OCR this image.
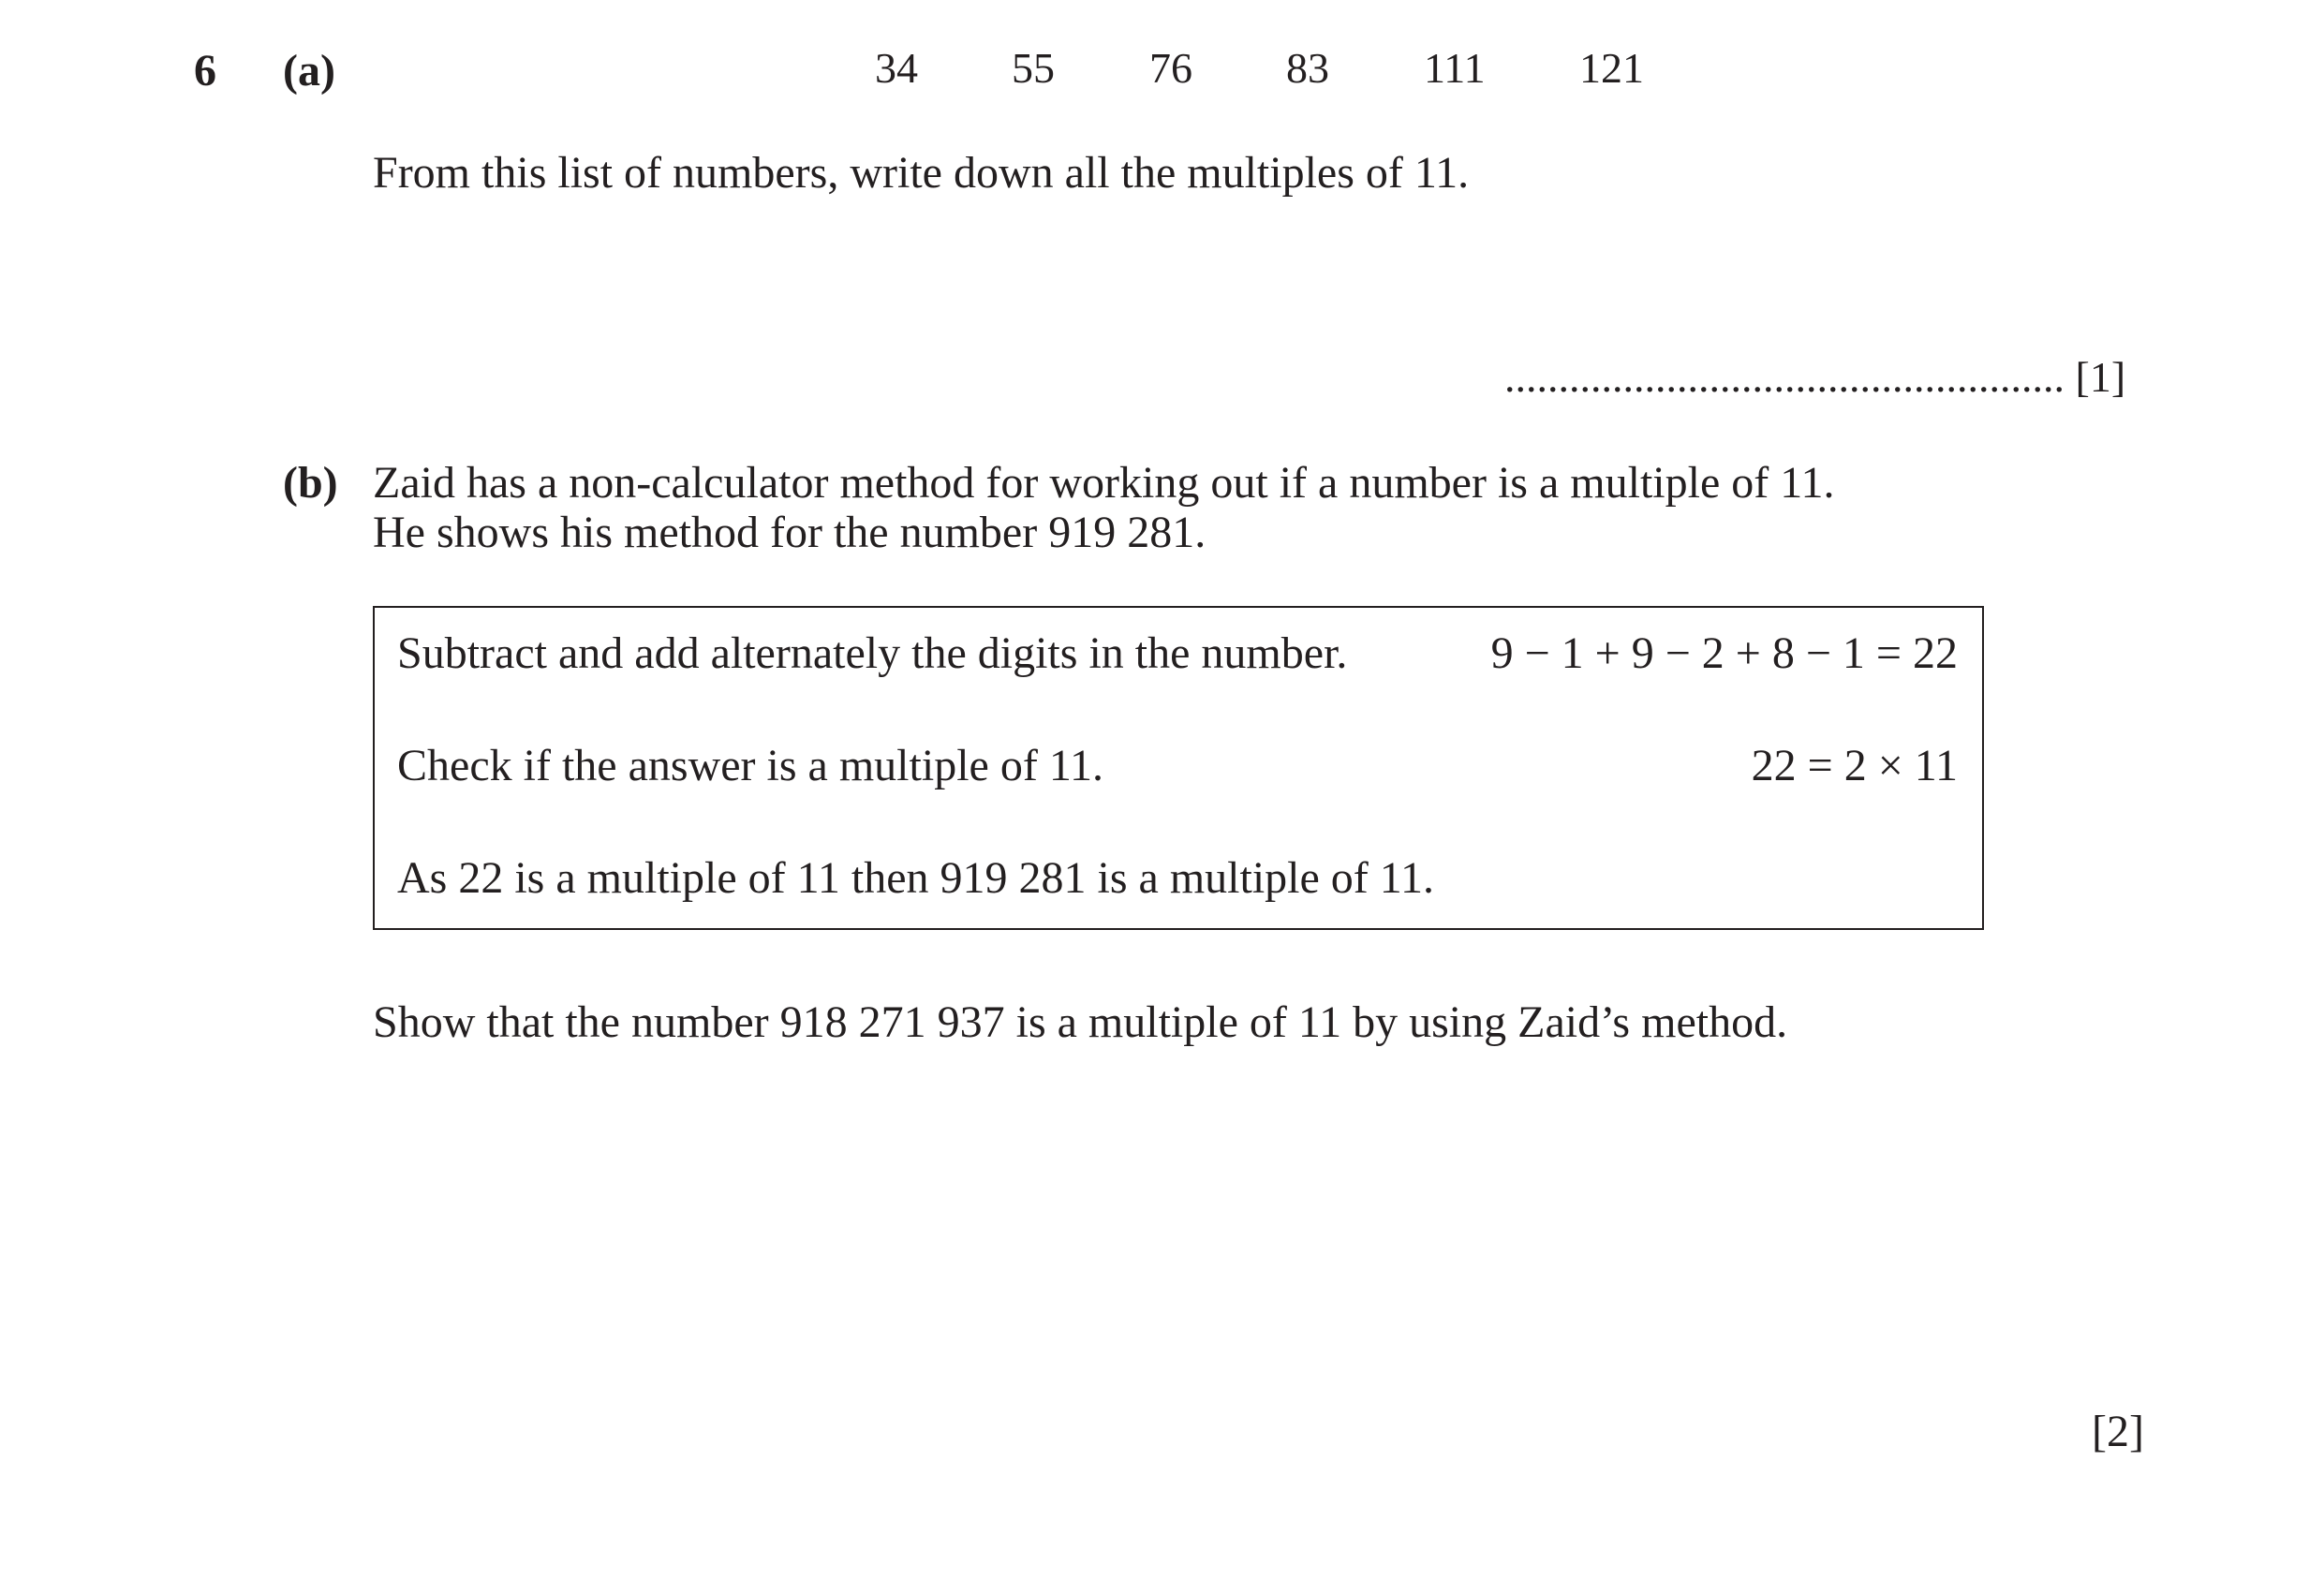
6 (a)	34 55 76 83 111 121
From this list of numbers, write down all the multiples of 11.
.................................................... [1]
(b) Zaid has a non-calculator method for working out if a number is a multiple of 11.
He shows his method for the number 919 281.
Subtract and add alternately the digits in the number.	9 − 1 + 9 − 2 + 8 − 1 = 22
Check if the answer is a multiple of 11.	22 = 2 × 11
As 22 is a multiple of 11 then 919 281 is a multiple of 11.
Show that the number 918 271 937 is a multiple of 11 by using Zaid’s method.
[2]
